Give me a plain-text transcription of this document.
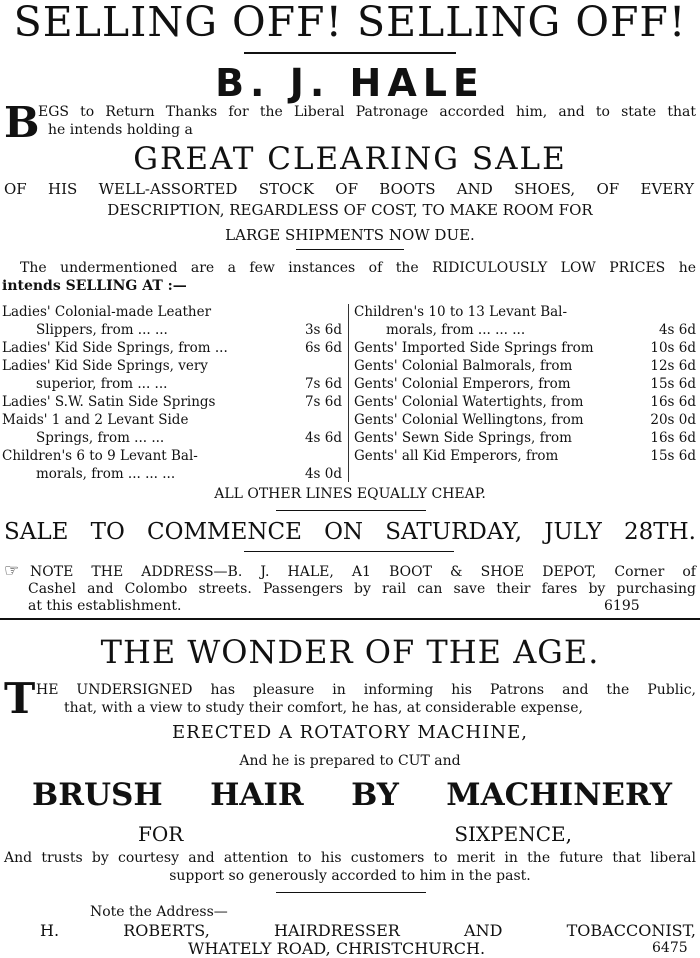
SELLING OFF! SELLING OFF!
B. J. HALE
B
EGS to Return Thanks for the Liberal Patronage accorded him, and to state that
he intends holding a
GREAT CLEARING SALE
OF HIS WELL-ASSORTED STOCK OF BOOTS AND SHOES, OF EVERY
DESCRIPTION, REGARDLESS OF COST, TO MAKE ROOM FOR
LARGE SHIPMENTS NOW DUE.
The undermentioned are a few instances of the RIDICULOUSLY LOW PRICES he
intends SELLING AT :—
Ladies' Colonial-made Leather
Slippers, from ... ...	3s 6d
Ladies' Kid Side Springs, from ...	6s 6d
Ladies' Kid Side Springs, very
superior, from ... ...	7s 6d
Ladies' S.W. Satin Side Springs	7s 6d
Maids' 1 and 2 Levant Side
Springs, from ... ...	4s 6d
Children's 6 to 9 Levant Bal-
morals, from ... ... ...	4s 0d
Children's 10 to 13 Levant Bal-
morals, from ... ... ...	4s 6d
Gents' Imported Side Springs from	10s 6d
Gents' Colonial Balmorals, from	12s 6d
Gents' Colonial Emperors, from	15s 6d
Gents' Colonial Watertights, from	16s 6d
Gents' Colonial Wellingtons, from	20s 0d
Gents' Sewn Side Springs, from	16s 6d
Gents' all Kid Emperors, from	15s 6d
ALL OTHER LINES EQUALLY CHEAP.
SALE TO COMMENCE ON SATURDAY, JULY 28TH.
☞ NOTE THE ADDRESS—B. J. HALE, A1 BOOT & SHOE DEPOT, Corner of
Cashel and Colombo streets. Passengers by rail can save their fares by purchasing
at this establishment.	6195
THE WONDER OF THE AGE.
T HE UNDERSIGNED has pleasure in informing his Patrons and the Public,
that, with a view to study their comfort, he has, at considerable expense,
ERECTED A ROTATORY MACHINE,
And he is prepared to CUT and
BRUSH HAIR BY MACHINERY
FOR SIXPENCE,
And trusts by courtesy and attention to his customers to merit in the future that liberal
support so generously accorded to him in the past.
Note the Address—
H. ROBERTS, HAIRDRESSER AND TOBACCONIST,
WHATELY ROAD, CHRISTCHURCH.	6475
